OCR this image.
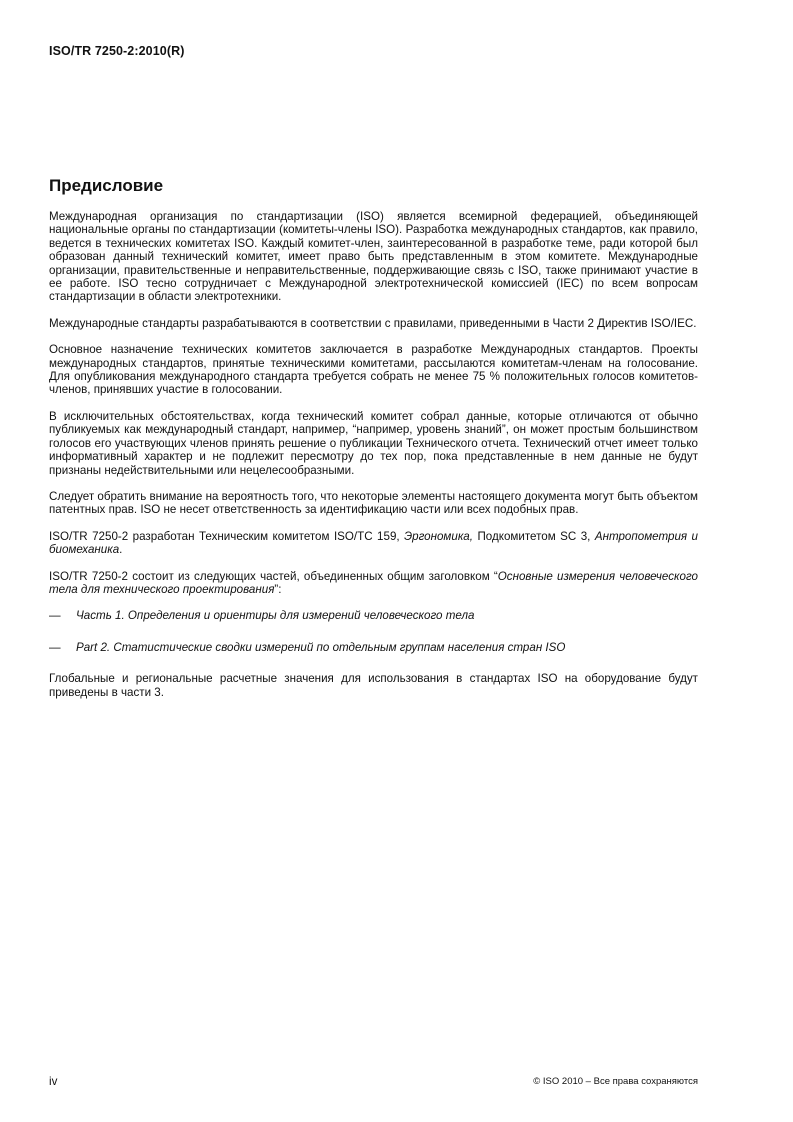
ISO/TR 7250-2:2010(R)
Предисловие

Международная организация по стандартизации (ISO) является всемирной федерацией, объединяющей национальные органы по стандартизации (комитеты-члены ISO). Разработка международных стандартов, как правило, ведется в технических комитетах ISO. Каждый комитет-член, заинтересованной в разработке теме, ради которой был образован данный технический комитет, имеет право быть представленным в этом комитете. Международные организации, правительственные и неправительственные, поддерживающие связь с ISO, также принимают участие в ее работе. ISO тесно сотрудничает с Международной электротехнической комиссией (IEC) по всем вопросам стандартизации в области электротехники.

Международные стандарты разрабатываются в соответствии с правилами, приведенными в Части 2 Директив ISO/IEC.

Основное назначение технических комитетов заключается в разработке Международных стандартов. Проекты международных стандартов, принятые техническими комитетами, рассылаются комитетам-членам на голосование. Для опубликования международного стандарта требуется собрать не менее 75 % положительных голосов комитетов-членов, принявших участие в голосовании.

В исключительных обстоятельствах, когда технический комитет собрал данные, которые отличаются от обычно публикуемых как международный стандарт, например, “например, уровень знаний”, он может простым большинством голосов его участвующих членов принять решение о публикации Технического отчета. Технический отчет имеет только информативный характер и не подлежит пересмотру до тех пор, пока представленные в нем данные не будут признаны недействительными или нецелесообразными.

Следует обратить внимание на вероятность того, что некоторые элементы настоящего документа могут быть объектом патентных прав. ISO не несет ответственность за идентификацию части или всех подобных прав.

ISO/TR 7250-2 разработан Техническим комитетом ISO/TC 159, Эргономика, Подкомитетом SC 3, Антропометрия и биомеханика.

ISO/TR 7250-2 состоит из следующих частей, объединенных общим заголовком “Основные измерения человеческого тела для технического проектирования”:

—	Часть 1. Определения и ориентиры для измерений человеческого тела
—	Part 2. Статистические сводки измерений по отдельным группам населения стран ISO

Глобальные и региональные расчетные значения для использования в стандартах ISO на оборудование будут приведены в части 3.

iv	© ISO 2010 – Все права сохраняются
